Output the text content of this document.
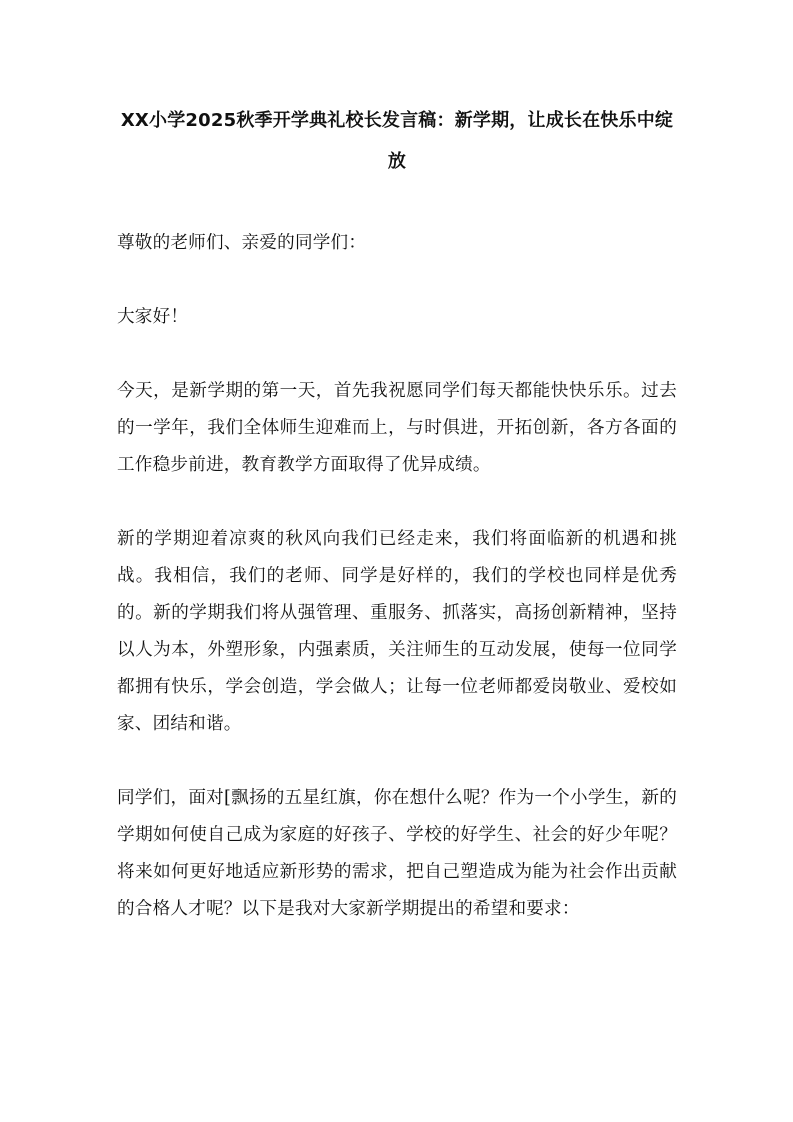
XX小学2025秋季开学典礼校长发言稿：新学期，让成长在快乐中绽放

尊敬的老师们、亲爱的同学们：

大家好！

今天，是新学期的第一天，首先我祝愿同学们每天都能快快乐乐。过去的一学年，我们全体师生迎难而上，与时俱进，开拓创新，各方各面的工作稳步前进，教育教学方面取得了优异成绩。

新的学期迎着凉爽的秋风向我们已经走来，我们将面临新的机遇和挑战。我相信，我们的老师、同学是好样的，我们的学校也同样是优秀的。新的学期我们将从强管理、重服务、抓落实，高扬创新精神，坚持以人为本，外塑形象，内强素质，关注师生的互动发展，使每一位同学都拥有快乐，学会创造，学会做人；让每一位老师都爱岗敬业、爱校如家、团结和谐。

同学们，面对[飘扬的五星红旗，你在想什么呢？作为一个小学生，新的学期如何使自己成为家庭的好孩子、学校的好学生、社会的好少年呢？将来如何更好地适应新形势的需求，把自己塑造成为能为社会作出贡献的合格人才呢？以下是我对大家新学期提出的希望和要求：
